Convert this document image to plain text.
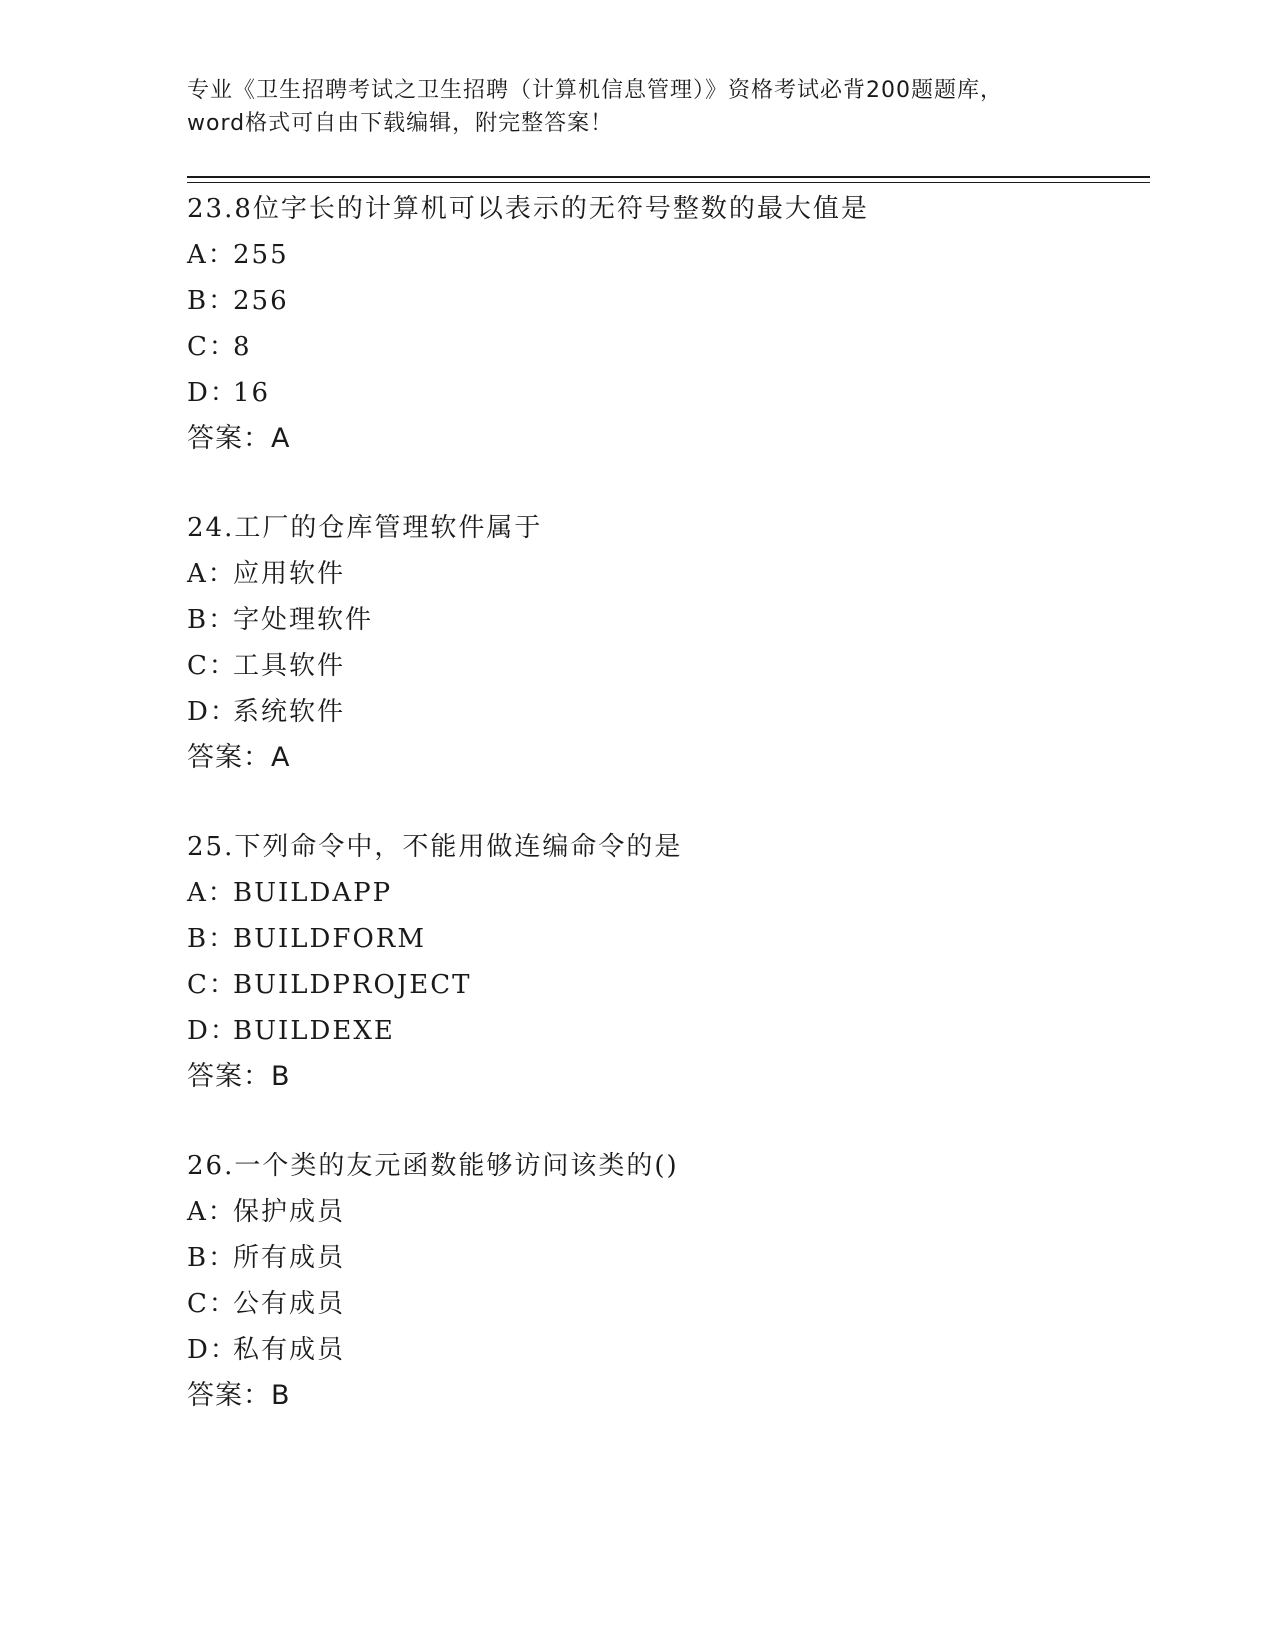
专业《卫生招聘考试之卫生招聘（计算机信息管理）》资格考试必背200题题库，
word格式可自由下载编辑，附完整答案！
23.8位字长的计算机可以表示的无符号整数的最大值是
A：255
B：256
C：8
D：16
答案：A
24.工厂的仓库管理软件属于
A：应用软件
B：字处理软件
C：工具软件
D：系统软件
答案：A
25.下列命令中，不能用做连编命令的是
A：BUILDAPP
B：BUILDFORM
C：BUILDPROJECT
D：BUILDEXE
答案：B
26.一个类的友元函数能够访问该类的()
A：保护成员
B：所有成员
C：公有成员
D：私有成员
答案：B
